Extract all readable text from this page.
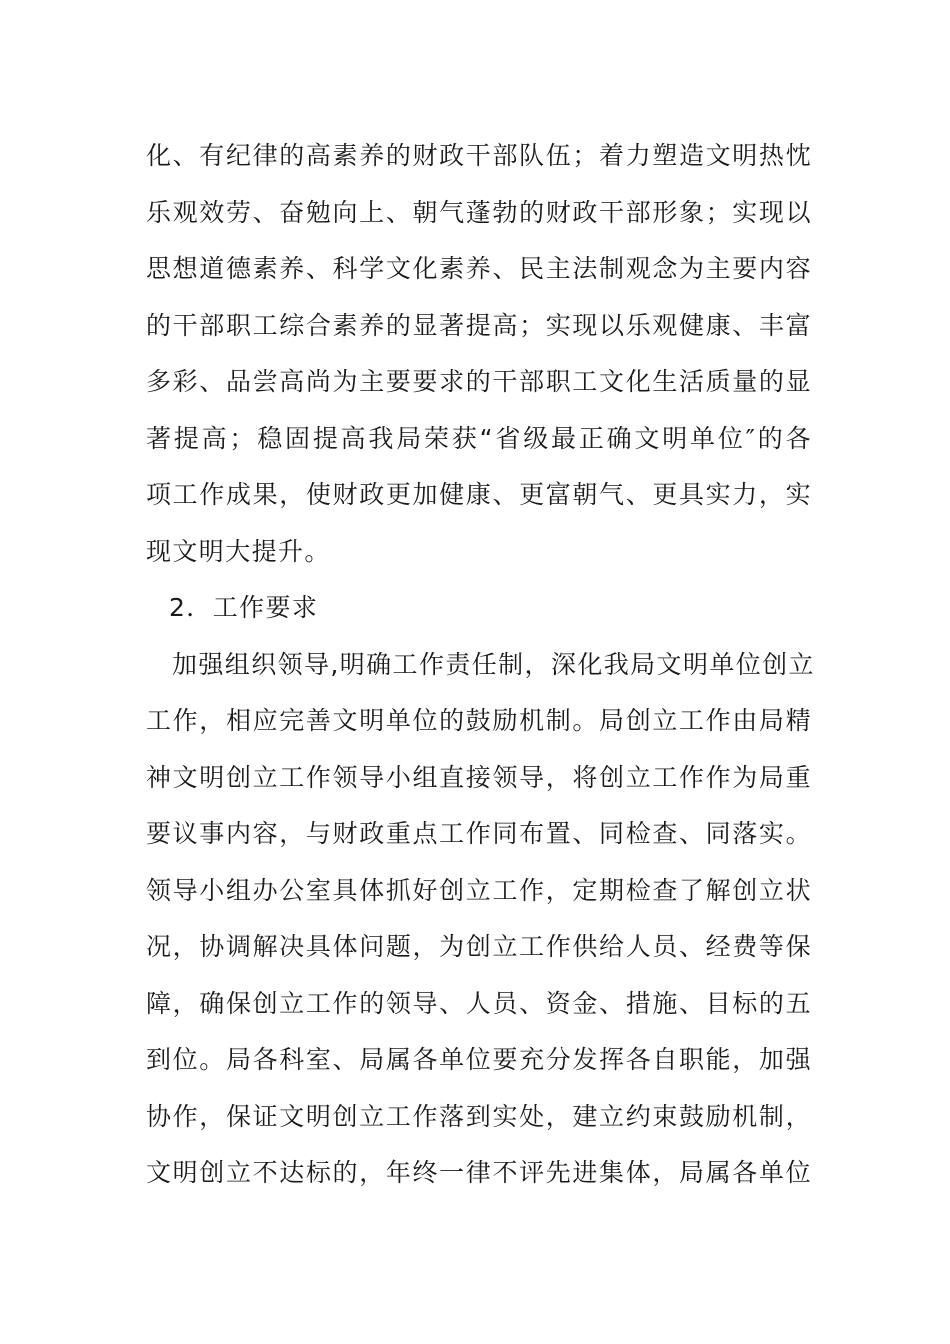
化、有纪律的高素养的财政干部队伍；着力塑造文明热忱
乐观效劳、奋勉向上、朝气蓬勃的财政干部形象；实现以
思想道德素养、科学文化素养、民主法制观念为主要内容
的干部职工综合素养的显著提高；实现以乐观健康、丰富
多彩、品尝高尚为主要要求的干部职工文化生活质量的显
著提高；稳固提高我局荣获“省级最正确文明单位″的各
项工作成果，使财政更加健康、更富朝气、更具实力，实
现文明大提升。
2．工作要求
加强组织领导,明确工作责任制，深化我局文明单位创立
工作，相应完善文明单位的鼓励机制。局创立工作由局精
神文明创立工作领导小组直接领导，将创立工作作为局重
要议事内容，与财政重点工作同布置、同检查、同落实。
领导小组办公室具体抓好创立工作，定期检查了解创立状
况，协调解决具体问题，为创立工作供给人员、经费等保
障，确保创立工作的领导、人员、资金、措施、目标的五
到位。局各科室、局属各单位要充分发挥各自职能，加强
协作，保证文明创立工作落到实处，建立约束鼓励机制，
文明创立不达标的，年终一律不评先进集体，局属各单位
